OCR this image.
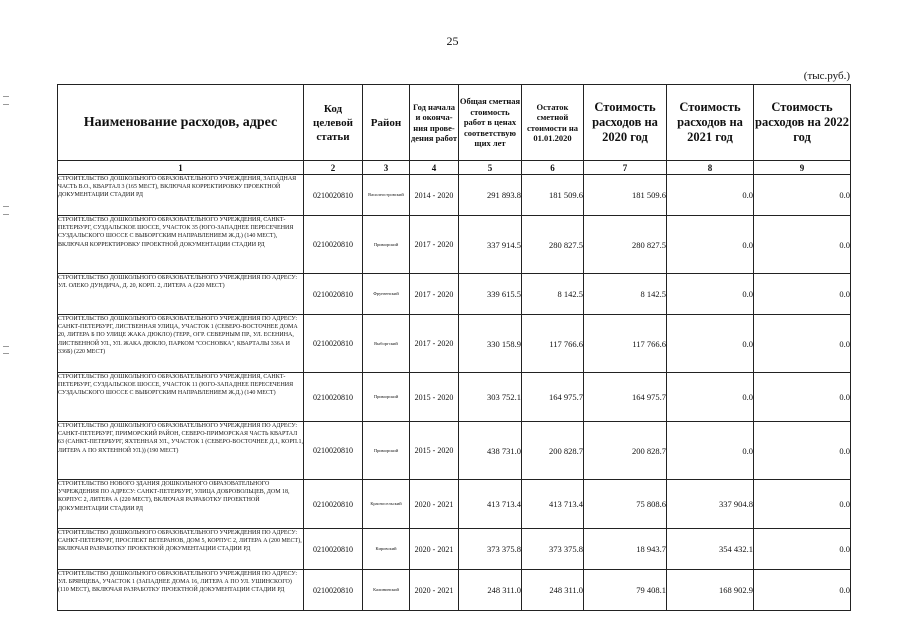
25
(тыс.руб.)
Наименование расходов, адрес	Код целевой статьи	Район	Год начала и оконча-ния прове-дения работ	Общая сметная стоимость работ в ценах соответствую щих лет	Остаток сметной стоимости на 01.01.2020	Стоимость расходов на 2020 год	Стоимость расходов на 2021 год	Стоимость расходов на 2022 год
1	2	3	4	5	6	7	8	9
СТРОИТЕЛЬСТВО ДОШКОЛЬНОГО ОБРАЗОВАТЕЛЬНОГО УЧРЕЖДЕНИЯ, ЗАПАДНАЯ ЧАСТЬ В.О., КВАРТАЛ 3 (165 МЕСТ), ВКЛЮЧАЯ КОРРЕКТИРОВКУ ПРОЕКТНОЙ ДОКУМЕНТАЦИИ СТАДИИ РД	0210020810	Василеостровский	2014 - 2020	291 893.8	181 509.6	181 509.6	0.0	0.0
СТРОИТЕЛЬСТВО ДОШКОЛЬНОГО ОБРАЗОВАТЕЛЬНОГО УЧРЕЖДЕНИЯ, САНКТ-ПЕТЕРБУРГ, СУЗДАЛЬСКОЕ ШОССЕ, УЧАСТОК 35 (ЮГО-ЗАПАДНЕЕ ПЕРЕСЕЧЕНИЯ СУЗДАЛЬСКОГО ШОССЕ С ВЫБОРГСКИМ НАПРАВЛЕНИЕМ Ж.Д.) (140 МЕСТ), ВКЛЮЧАЯ КОРРЕКТИРОВКУ ПРОЕКТНОЙ ДОКУМЕНТАЦИИ СТАДИИ РД	0210020810	Приморский	2017 - 2020	337 914.5	280 827.5	280 827.5	0.0	0.0
СТРОИТЕЛЬСТВО ДОШКОЛЬНОГО ОБРАЗОВАТЕЛЬНОГО УЧРЕЖДЕНИЯ ПО АДРЕСУ: УЛ. ОЛЕКО ДУНДИЧА, Д. 20, КОРП. 2, ЛИТЕРА А (220 МЕСТ)	0210020810	Фрунзенский	2017 - 2020	339 615.5	8 142.5	8 142.5	0.0	0.0
СТРОИТЕЛЬСТВО ДОШКОЛЬНОГО ОБРАЗОВАТЕЛЬНОГО УЧРЕЖДЕНИЯ ПО АДРЕСУ: САНКТ-ПЕТЕРБУРГ, ЛИСТВЕННАЯ УЛИЦА, УЧАСТОК 1 (СЕВЕРО-ВОСТОЧНЕЕ ДОМА 20, ЛИТЕРА Б ПО УЛИЦЕ ЖАКА ДЮКЛО) (ТЕРР., ОГР. СЕВЕРНЫМ ПР., УЛ. ЕСЕНИНА, ЛИСТВЕННОЙ УЛ., УЛ. ЖАКА ДЮКЛО, ПАРКОМ "СОСНОВКА", КВАРТАЛЫ 336А И 336Б) (220 МЕСТ)	0210020810	Выборгский	2017 - 2020	330 158.9	117 766.6	117 766.6	0.0	0.0
СТРОИТЕЛЬСТВО ДОШКОЛЬНОГО ОБРАЗОВАТЕЛЬНОГО УЧРЕЖДЕНИЯ, САНКТ-ПЕТЕРБУРГ, СУЗДАЛЬСКОЕ ШОССЕ, УЧАСТОК 11 (ЮГО-ЗАПАДНЕЕ ПЕРЕСЕЧЕНИЯ СУЗДАЛЬСКОГО ШОССЕ С ВЫБОРГСКИМ НАПРАВЛЕНИЕМ Ж.Д.) (140 МЕСТ)	0210020810	Приморский	2015 - 2020	303 752.1	164 975.7	164 975.7	0.0	0.0
СТРОИТЕЛЬСТВО ДОШКОЛЬНОГО ОБРАЗОВАТЕЛЬНОГО УЧРЕЖДЕНИЯ ПО АДРЕСУ: САНКТ-ПЕТЕРБУРГ, ПРИМОРСКИЙ РАЙОН, СЕВЕРО-ПРИМОРСКАЯ ЧАСТЬ КВАРТАЛ 63 (САНКТ-ПЕТЕРБУРГ, ЯХТЕННАЯ УЛ., УЧАСТОК 1 (СЕВЕРО-ВОСТОЧНЕЕ Д.1, КОРП.1, ЛИТЕРА А ПО ЯХТЕННОЙ УЛ.)) (190 МЕСТ)	0210020810	Приморский	2015 - 2020	438 731.0	200 828.7	200 828.7	0.0	0.0
СТРОИТЕЛЬСТВО НОВОГО ЗДАНИЯ ДОШКОЛЬНОГО ОБРАЗОВАТЕЛЬНОГО УЧРЕЖДЕНИЯ ПО АДРЕСУ: САНКТ-ПЕТЕРБУРГ, УЛИЦА ДОБРОВОЛЬЦЕВ, ДОМ 18, КОРПУС 2, ЛИТЕРА А (220 МЕСТ), ВКЛЮЧАЯ РАЗРАБОТКУ ПРОЕКТНОЙ ДОКУМЕНТАЦИИ СТАДИИ РД	0210020810	Красносельский	2020 - 2021	413 713.4	413 713.4	75 808.6	337 904.8	0.0
СТРОИТЕЛЬСТВО ДОШКОЛЬНОГО ОБРАЗОВАТЕЛЬНОГО УЧРЕЖДЕНИЯ ПО АДРЕСУ: САНКТ-ПЕТЕРБУРГ, ПРОСПЕКТ ВЕТЕРАНОВ, ДОМ 5, КОРПУС 2, ЛИТЕРА А (200 МЕСТ), ВКЛЮЧАЯ РАЗРАБОТКУ ПРОЕКТНОЙ ДОКУМЕНТАЦИИ СТАДИИ РД	0210020810	Кировский	2020 - 2021	373 375.8	373 375.8	18 943.7	354 432.1	0.0
СТРОИТЕЛЬСТВО ДОШКОЛЬНОГО ОБРАЗОВАТЕЛЬНОГО УЧРЕЖДЕНИЯ ПО АДРЕСУ: УЛ. БРЯНЦЕВА, УЧАСТОК 1 (ЗАПАДНЕЕ ДОМА 16, ЛИТЕРА А ПО УЛ. УШИНСКОГО) (110 МЕСТ), ВКЛЮЧАЯ РАЗРАБОТКУ ПРОЕКТНОЙ ДОКУМЕНТАЦИИ СТАДИИ РД	0210020810	Калининский	2020 - 2021	248 311.0	248 311.0	79 408.1	168 902.9	0.0
